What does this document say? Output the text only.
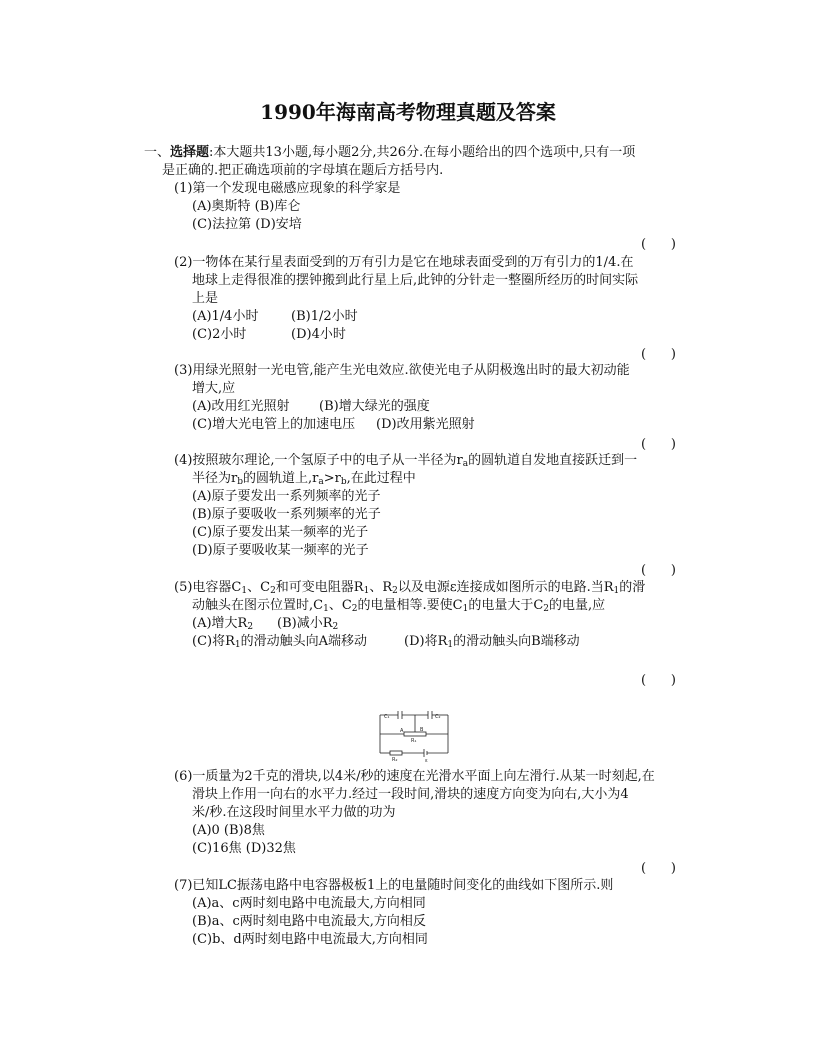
1990年海南高考物理真题及答案
一、选择题:本大题共13小题,每小题2分,共26分.在每小题给出的四个选项中,只有一项
是正确的.把正确选项前的字母填在题后方括号内.
(1)第一个发现电磁感应现象的科学家是
(A)奥斯特 (B)库仑
(C)法拉第 (D)安培
(      )
(2)一物体在某行星表面受到的万有引力是它在地球表面受到的万有引力的1/4.在
地球上走得很准的摆钟搬到此行星上后,此钟的分针走一整圈所经历的时间实际
上是
(A)1/4小时	(B)1/2小时
(C)2小时	(D)4小时
(      )
(3)用绿光照射一光电管,能产生光电效应.欲使光电子从阴极逸出时的最大初动能
增大,应
(A)改用红光照射 (B)增大绿光的强度
(C)增大光电管上的加速电压 (D)改用紫光照射
(      )
(4)按照玻尔理论,一个氢原子中的电子从一半径为$r_a$的圆轨道自发地直接跃迁到一
半径为$r_b$的圆轨道上$,r_a>r_b$,在此过程中
(A)原子要发出一系列频率的光子
(B)原子要吸收一系列频率的光子
(C)原子要发出某一频率的光子
(D)原子要吸收某一频率的光子
(      )
(5)电容器$C_1$、$C_2$和可变电阻器$R_1$、$R_2$以及电源ε连接成如图所示的电路.当$R_1$的滑
动触头在图示位置时$,C_1$、$C_2$的电量相等.要使$C_1$的电量大于$C_2$的电量,应
(A)增大$R_2$ (B)减小$R_2$
(C)将$R_1$的滑动触头向A端移动	(D)将$R_1$的滑动触头向B端移动
(      )
C₁	C₂
A	B
R₁
R₂	ε
(6)一质量为2千克的滑块,以4米/秒的速度在光滑水平面上向左滑行.从某一时刻起,在
滑块上作用一向右的水平力.经过一段时间,滑块的速度方向变为向右,大小为4
米/秒.在这段时间里水平力做的功为
(A)0 (B)8焦
(C)16焦 (D)32焦
(      )
(7)已知LC振荡电路中电容器极板1上的电量随时间变化的曲线如下图所示.则
(A)a、c两时刻电路中电流最大,方向相同
(B)a、c两时刻电路中电流最大,方向相反
(C)b、d两时刻电路中电流最大,方向相同
